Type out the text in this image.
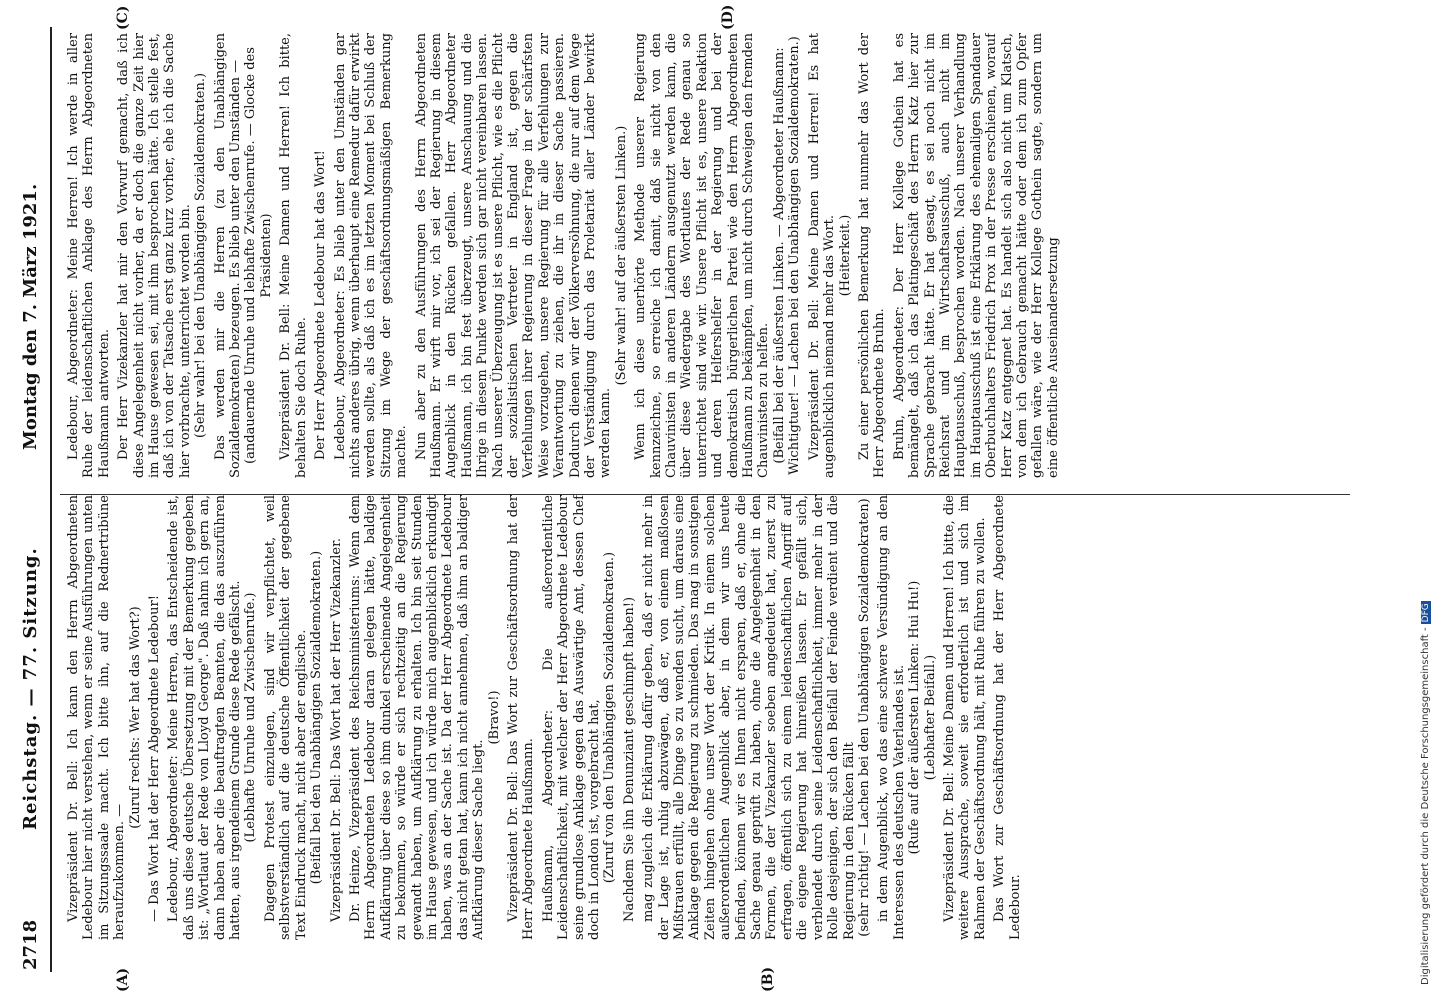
2718
Reichstag. — 77. Sitzung.
Montag den 7. März 1921.
(A)	(B)
(C)	(D)

Vizepräsident Dr. Bell: Ich kann den Herrn Abgeordneten Ledebour hier nicht verstehen, wenn er seine Ausführungen unten im Sitzungssaale macht. Ich bitte ihn, auf die Rednertribüne heraufzukommen. —

(Zuruf rechts: Wer hat das Wort?) — Das Wort hat der Herr Abgeordnete Ledebour! Ledebour, Abgeordneter: Meine Herren, das Entscheidende ist, daß uns diese deutsche Übersetzung mit der Bemerkung gegeben ist: „Wortlaut der Rede von Lloyd George". Daß nahm ich gern an, dann haben aber die beauftragten Beamten, die das auszuführen hatten, aus irgendeinem Grunde diese Rede gefälscht. (Lebhafte Unruhe und Zwischenrufe.) Dagegen Protest einzulegen, sind wir verpflichtet, weil selbstverständlich auf die deutsche Öffentlichkeit der gegebene Text Eindruck macht, nicht aber der englische. (Beifall bei den Unabhängigen Sozialdemokraten.) Vizepräsident Dr. Bell: Das Wort hat der Herr Vizekanzler. Dr. Heinze, Vizepräsident des Reichsministeriums: Wenn dem Herrn Abgeordneten Ledebour daran gelegen hätte, baldige Aufklärung über diese so ihm dunkel erscheinende Angelegenheit zu bekommen, so würde er sich rechtzeitig an die Regierung gewandt haben, um Aufklärung zu erhalten. Ich bin seit Stunden im Hause gewesen, und ich würde mich augenblicklich erkundigt haben, was an der Sache ist. Da der Herr Abgeordnete Ledebour das nicht getan hat, kann ich nicht annehmen, daß ihm an baldiger Aufklärung dieser Sache liegt.

(Bravo!) Vizepräsident Dr. Bell: Das Wort zur Geschäftsordnung hat der Herr Abgeordnete Haußmann. Haußmann, Abgeordneter: Die außerordentliche Leidenschaftlichkeit, mit welcher der Herr Abgeordnete Ledebour seine grundlose Anklage gegen das Auswärtige Amt, dessen Chef doch in London ist, vorgebracht hat, (Zuruf von den Unabhängigen Sozialdemokraten.) Nachdem Sie ihn Denunziant geschimpft haben!) mag zugleich die Erklärung dafür geben, daß er nicht mehr in der Lage ist, ruhig abzuwägen, daß er, von einem maßlosen Mißtrauen erfüllt, alle Dinge so zu wenden sucht, um daraus eine Anklage gegen die Regierung zu schmieden. Das mag in sonstigen Zeiten hingehen ohne unser Wort der Kritik. In einem solchen außerordentlichen Augenblick aber, in dem wir uns heute befinden, können wir es Ihnen nicht ersparen, daß er, ohne die Sache genau geprüft zu haben, ohne die Angelegenheit in den Formen, die der Vizekanzler soeben angedeutet hat, zuerst zu erfragen, öffentlich sich zu einem leidenschaftlichen Angriff auf die eigene Regierung hat hinreißen lassen. Er gefällt sich, verblendet durch seine Leidenschaftlichkeit, immer mehr in der Rolle desjenigen, der sich den Beifall der Feinde verdient und die Regierung in den Rücken fällt (sehr richtig! — Lachen bei den Unabhängigen Sozialdemokraten) in dem Augenblick, wo das eine schwere Versündigung an den Interessen des deutschen Vaterlandes ist. (Rufe auf der äußersten Linken: Hui Hu!) (Lebhafter Beifall.) Vizepräsident Dr. Bell: Meine Damen und Herren! Ich bitte, die weitere Aussprache, soweit sie erforderlich ist und sich im Rahmen der Geschäftsordnung hält, mit Ruhe führen zu wollen. Das Wort zur Geschäftsordnung hat der Herr Abgeordnete Ledebour.

Ledebour, Abgeordneter: Meine Herren! Ich werde in aller Ruhe der leidenschaftlichen Anklage des Herrn Abgeordneten Haußmann antworten. Der Herr Vizekanzler hat mir den Vorwurf gemacht, daß ich diese Angelegenheit nicht vorher, da er doch die ganze Zeit hier im Hause gewesen sei, mit ihm besprochen hätte. Ich stelle fest, daß ich von der Tatsache erst ganz kurz vorher, ehe ich die Sache hier vorbrachte, unterrichtet worden bin. (Sehr wahr! bei den Unabhängigen Sozialdemokraten.) Das werden mir die Herren (zu den Unabhängigen Sozialdemokraten) bezeugen. Es blieb unter den Umständen — (andauernde Unruhe und lebhafte Zwischenrufe. — Glocke des Präsidenten) Vizepräsident Dr. Bell: Meine Damen und Herren! Ich bitte, behalten Sie doch Ruhe. Der Herr Abgeordnete Ledebour hat das Wort! Ledebour, Abgeordneter: Es blieb unter den Umständen gar nichts anderes übrig, wenn überhaupt eine Remedur dafür erwirkt werden sollte, als daß ich es im letzten Moment bei Schluß der Sitzung im Wege der geschäftsordnungsmäßigen Bemerkung machte. Nun aber zu den Ausführungen des Herrn Abgeordneten Haußmann. Er wirft mir vor, ich sei der Regierung in diesem Augenblick in den Rücken gefallen. Herr Abgeordneter Haußmann, ich bin fest überzeugt, unsere Anschauung und die Ihrige in diesem Punkte werden sich gar nicht vereinbaren lassen. Nach unserer Überzeugung ist es unsere Pflicht, wie es die Pflicht der sozialistischen Vertreter in England ist, gegen die Verfehlungen ihrer Regierung in dieser Frage in der schärfsten Weise vorzugehen, unsere Regierung für alle Verfehlungen zur Verantwortung zu ziehen, die ihr in dieser Sache passieren. Dadurch dienen wir der Völkerversöhnung, die nur auf dem Wege der Verständigung durch das Proletariat aller Länder bewirkt werden kann.

(Sehr wahr! auf der äußersten Linken.) Wenn ich diese unerhörte Methode unserer Regierung kennzeichne, so erreiche ich damit, daß sie nicht von den Chauvinisten in anderen Ländern ausgenutzt werden kann, die über diese Wiedergabe des Wortlautes der Rede genau so unterrichtet sind wie wir. Unsere Pflicht ist es, unsere Reaktion und deren Helfershelfer in der Regierung und bei der demokratisch bürgerlichen Partei wie den Herrn Abgeordneten Haußmann zu bekämpfen, um nicht durch Schweigen den fremden Chauvinisten zu helfen. (Beifall bei der äußersten Linken. — Abgeordneter Haußmann: Wichtigtuer! — Lachen bei den Unabhängigen Sozialdemokraten.) Vizepräsident Dr. Bell: Meine Damen und Herren! Es hat augenblicklich niemand mehr das Wort. (Heiterkeit.) Zu einer persönlichen Bemerkung hat nunmehr das Wort der Herr Abgeordnete Bruhn. Bruhn, Abgeordneter: Der Herr Kollege Gothein hat es bemängelt, daß ich das Platingeschäft des Herrn Katz hier zur Sprache gebracht hätte. Er hat gesagt, es sei noch nicht im Reichsrat und im Wirtschaftsausschuß, auch nicht im Hauptausschuß, besprochen worden. Nach unserer Verhandlung im Hauptausschuß ist eine Erklärung des ehemaligen Spandauer Oberbuchhalters Friedrich Prox in der Presse erschienen, worauf Herr Katz entgegnet hat. Es handelt sich also nicht um Klatsch, von dem ich Gebrauch gemacht hätte oder dem ich zum Opfer gefallen wäre, wie der Herr Kollege Gothein sagte, sondern um eine öffentliche Auseinandersetzung

Digitalisierung gefördert durch die Deutsche Forschungsgemeinschaft -DFG
